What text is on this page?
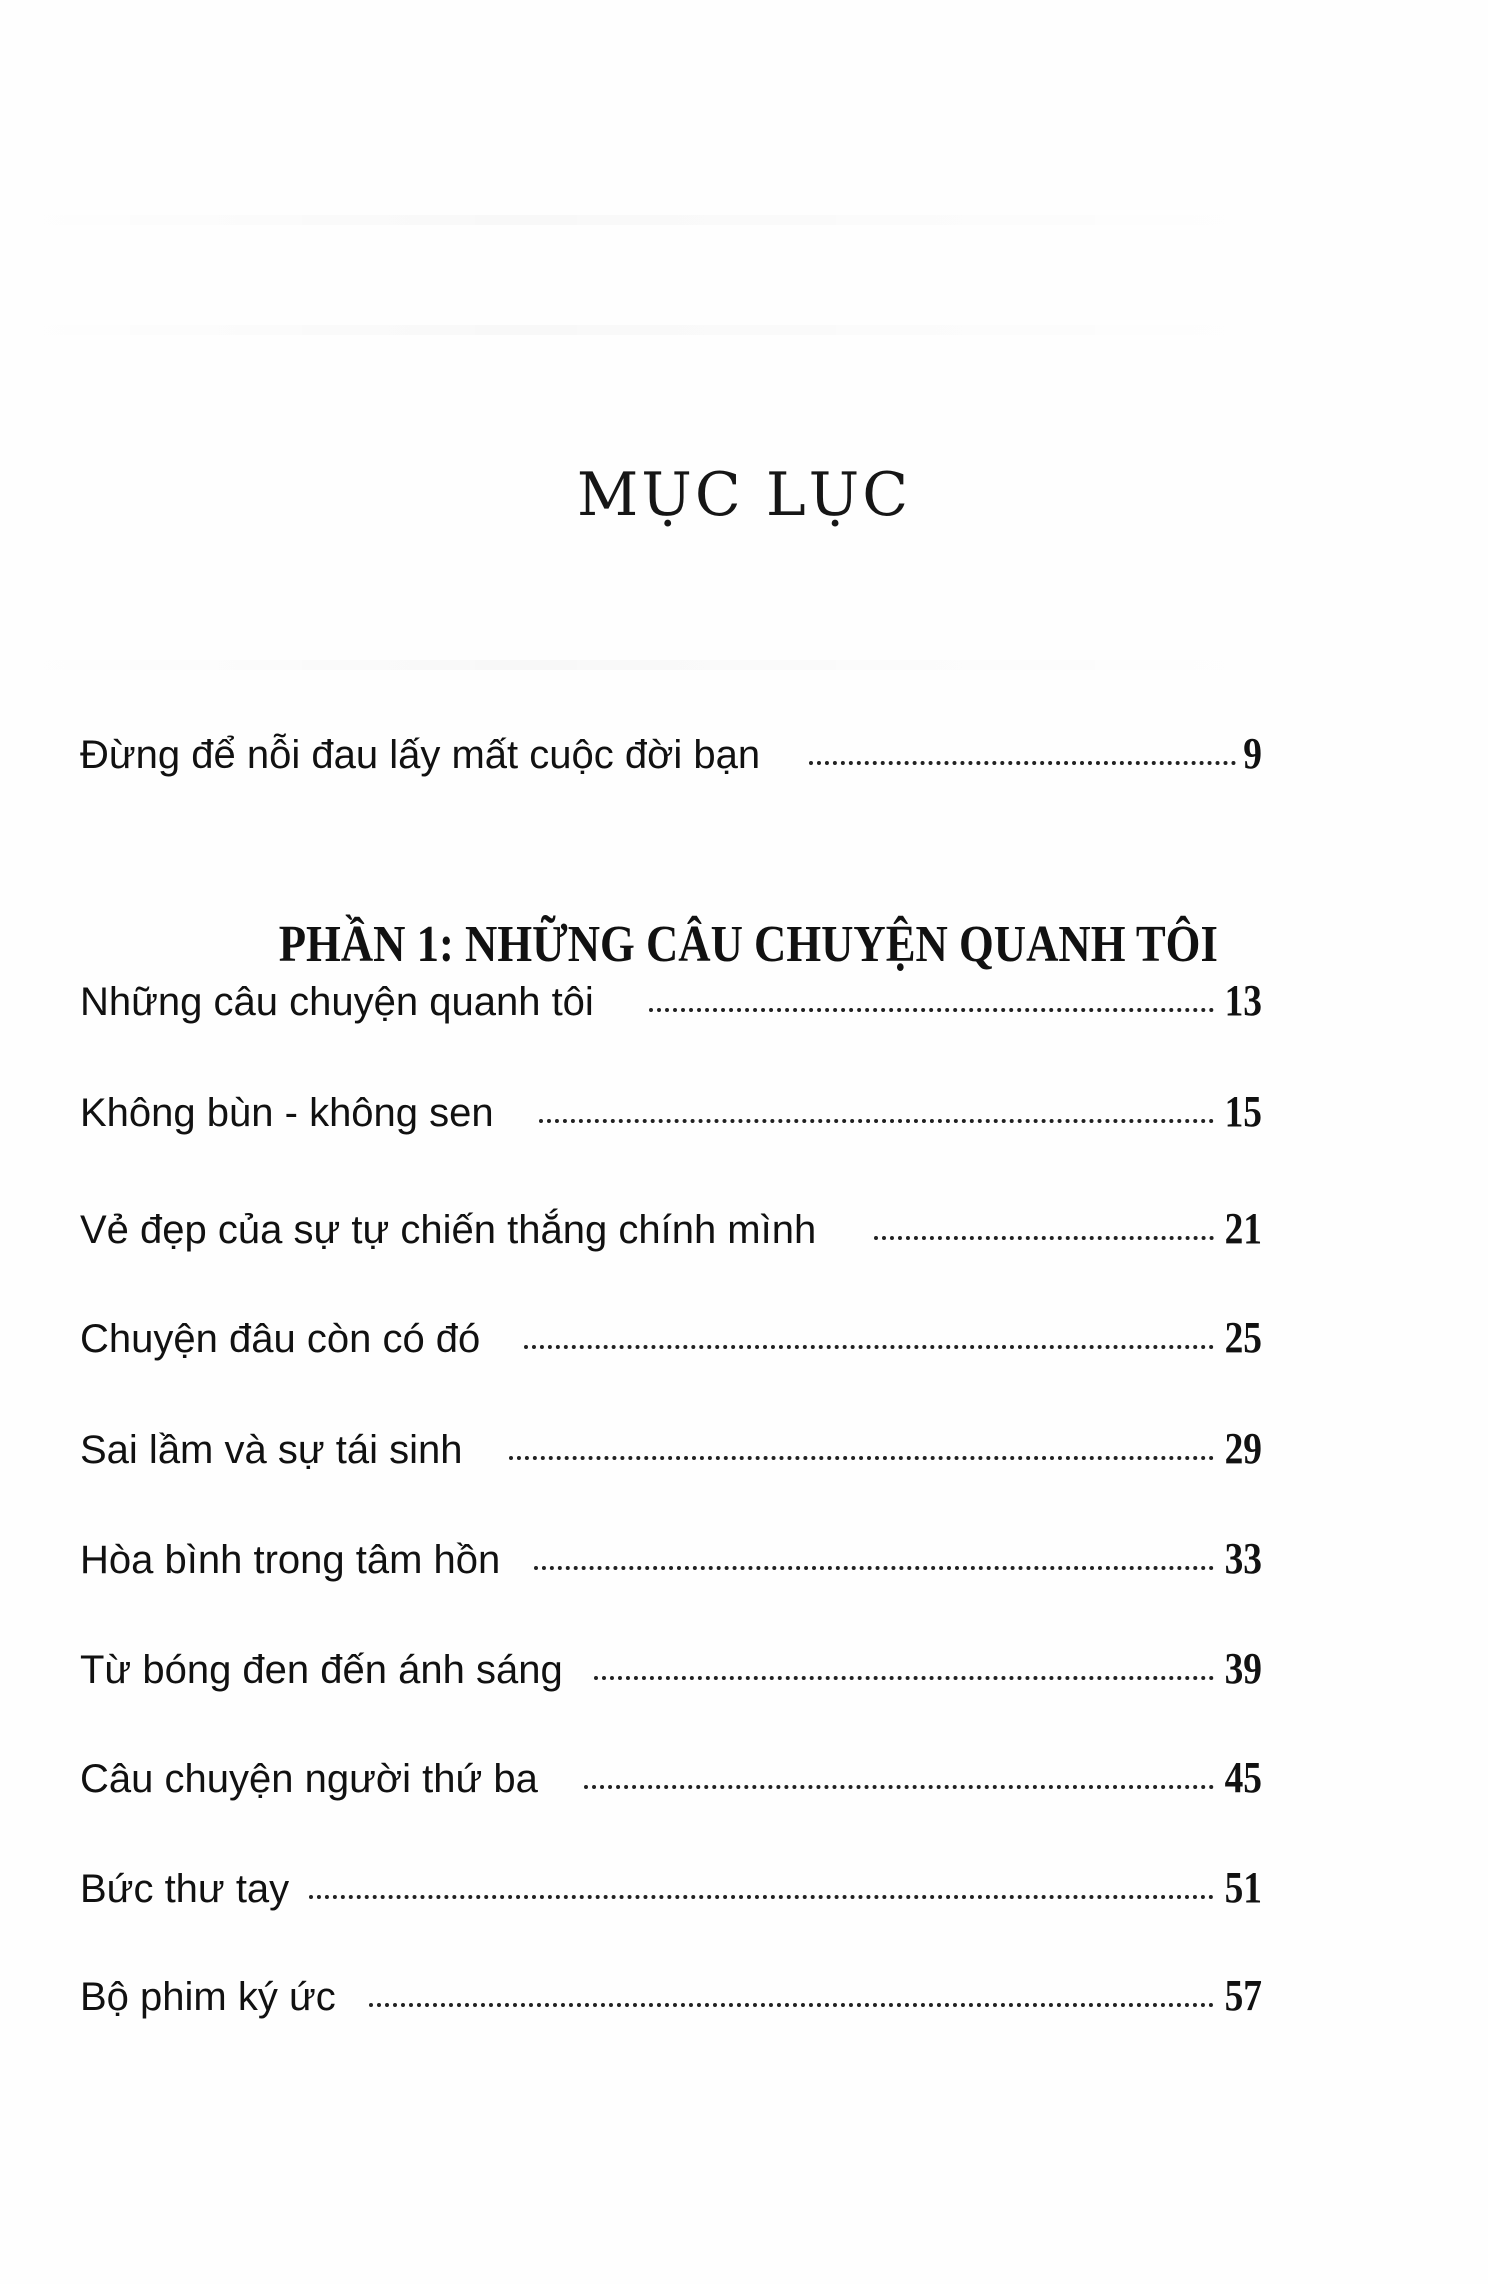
MỤC LỤC
Đừng để nỗi đau lấy mất cuộc đời bạn	9
PHẦN 1: NHỮNG CÂU CHUYỆN QUANH TÔI
Những câu chuyện quanh tôi	13
Không bùn - không sen	15
Vẻ đẹp của sự tự chiến thắng chính mình	21
Chuyện đâu còn có đó	25
Sai lầm và sự tái sinh	29
Hòa bình trong tâm hồn	33
Từ bóng đen đến ánh sáng	39
Câu chuyện người thứ ba	45
Bức thư tay	51
Bộ phim ký ức	57
